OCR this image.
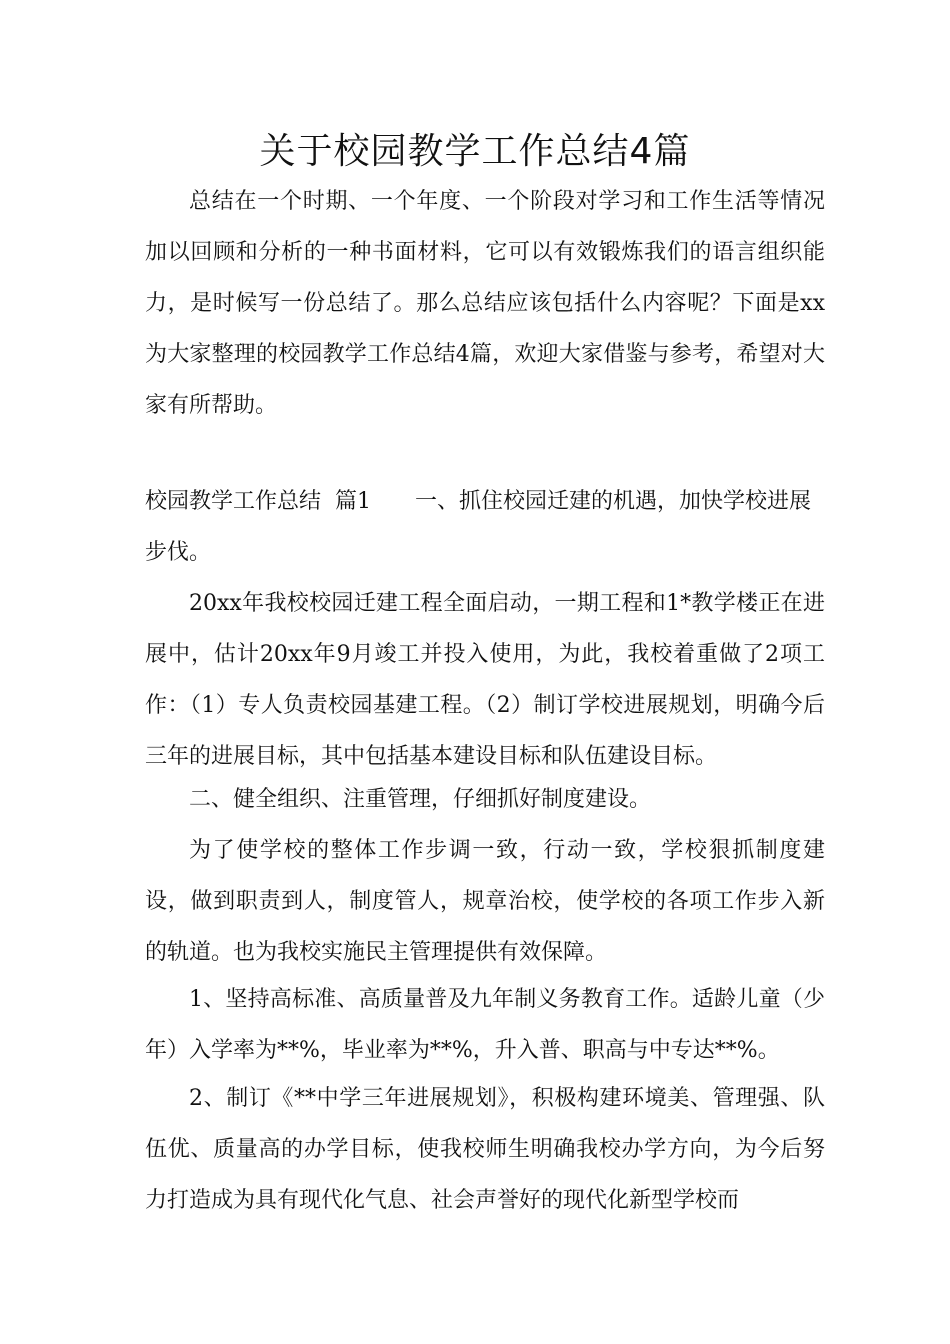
关于校园教学工作总结4篇

总结在一个时期、一个年度、一个阶段对学习和工作生活等情况加以回顾和分析的一种书面材料，它可以有效锻炼我们的语言组织能力，是时候写一份总结了。那么总结应该包括什么内容呢？下面是xx为大家整理的校园教学工作总结4篇，欢迎大家借鉴与参考，希望对大家有所帮助。

校园教学工作总结  篇1 一、抓住校园迁建的机遇，加快学校进展步伐。

20xx年我校校园迁建工程全面启动，一期工程和1*教学楼正在进展中，估计20xx年9月竣工并投入使用，为此，我校着重做了2项工作：（1）专人负责校园基建工程。（2）制订学校进展规划，明确今后三年的进展目标，其中包括基本建设目标和队伍建设目标。

二、健全组织、注重管理，仔细抓好制度建设。

为了使学校的整体工作步调一致，行动一致，学校狠抓制度建设，做到职责到人，制度管人，规章治校，使学校的各项工作步入新的轨道。也为我校实施民主管理提供有效保障。

1、坚持高标准、高质量普及九年制义务教育工作。适龄儿童（少年）入学率为**%，毕业率为**%，升入普、职高与中专达**%。

2、制订《**中学三年进展规划》，积极构建环境美、管理强、队伍优、质量高的办学目标，使我校师生明确我校办学方向，为今后努力打造成为具有现代化气息、社会声誉好的现代化新型学校而
